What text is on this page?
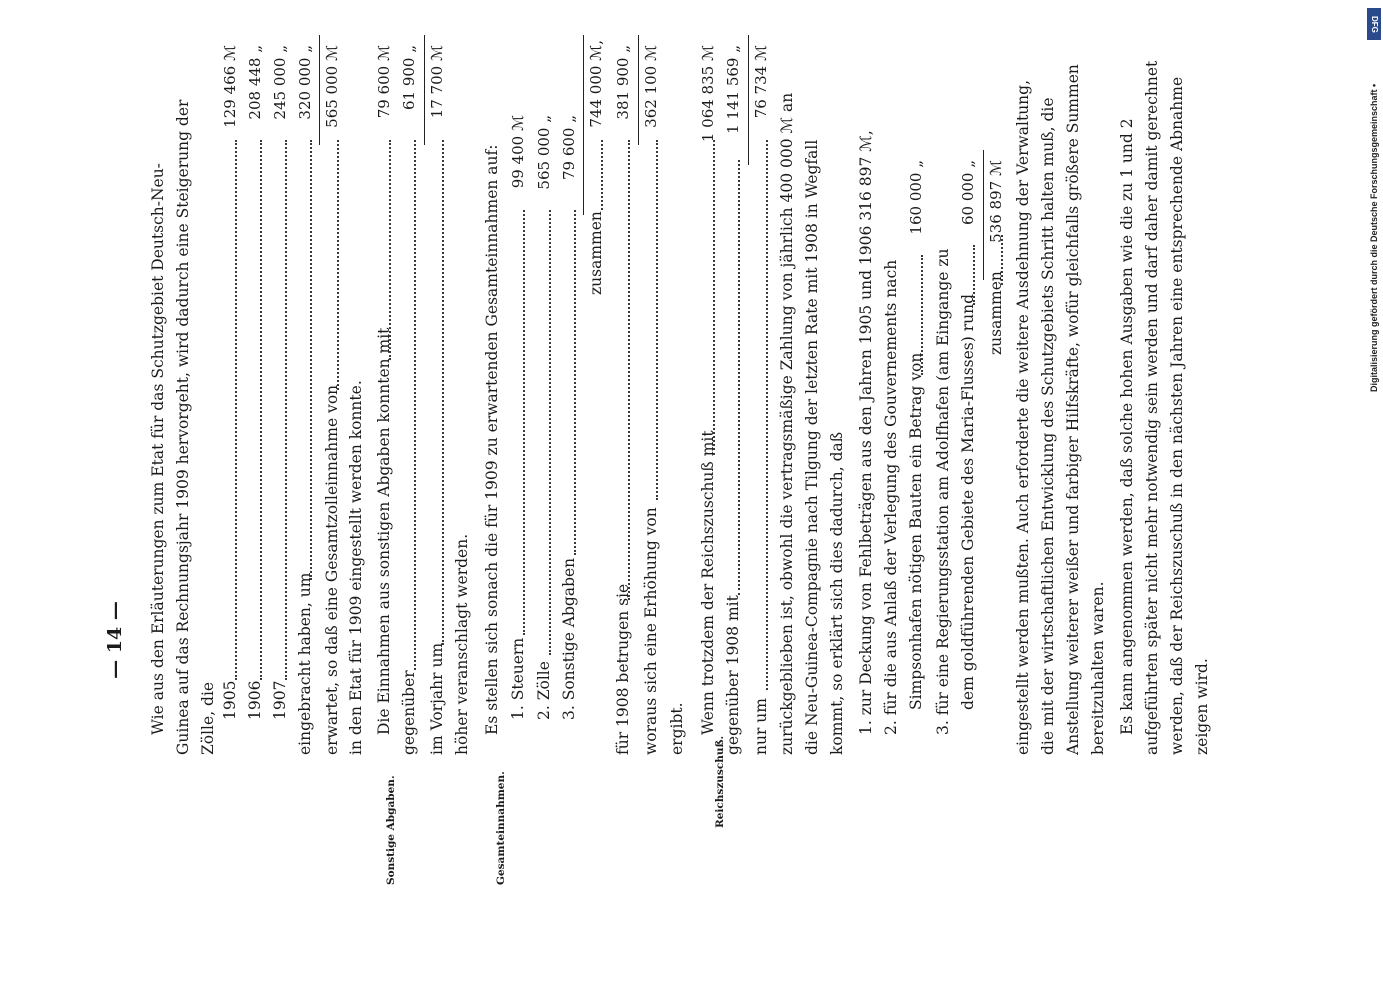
— 14 —
Sonstige Abgaben.	Gesamteinnahmen.	Reichszuschuß.
Wie aus den Erläuterungen zum Etat für das Schutzgebiet Deutsch-Neu- Guinea auf das Rechnungsjahr 1909 hervorgeht, wird dadurch eine Steigerung der Zölle, die 1905
129 466 ℳ
1906
208 448 „
1907
245 000 „
eingebracht haben, um
320 000 „
erwartet, so daß eine Gesamtzolleinnahme von
565 000 ℳ
in den Etat für 1909 eingestellt werden konnte. Die Einnahmen aus sonstigen Abgaben konnten mit
79 600 ℳ
gegenüber
61 900 „
im Vorjahr um
17 700 ℳ
höher veranschlagt werden. Es stellen sich sonach die für 1909 zu erwartenden Gesamteinnahmen auf: 1. Steuern
99 400 ℳ
2. Zölle
565 000 „
3. Sonstige Abgaben
79 600 „
zusammen
744 000 ℳ,
für 1908 betrugen sie
381 900 „
woraus sich eine Erhöhung von
362 100 ℳ
ergibt. Wenn trotzdem der Reichszuschuß mit
1 064 835 ℳ
gegenüber 1908 mit
1 141 569 „
nur um
76 734 ℳ
zurückgeblieben ist, obwohl die vertragsmäßige Zahlung von jährlich 400 000 ℳ an die Neu-Guinea-Compagnie nach Tilgung der letzten Rate mit 1908 in Wegfall kommt, so erklärt sich dies dadurch, daß 1. zur Deckung von Fehlbeträgen aus den Jahren 1905 und 1906 316 897 ℳ, 2. für die aus Anlaß der Verlegung des Gouvernements nach Simpsonhafen nötigen Bauten ein Betrag von
160 000 „
3. für eine Regierungsstation am Adolfhafen (am Eingange zu dem goldführenden Gebiete des Maria-Flusses) rund
60 000 „
zusammen
536 897 ℳ eingestellt werden mußten. Auch erforderte die weitere Ausdehnung der Verwaltung, die mit der wirtschaftlichen Entwicklung des Schutzgebiets Schritt halten muß, die Anstellung weiterer weißer und farbiger Hilfskräfte, wofür gleichfalls größere Summen bereitzuhalten waren. Es kann angenommen werden, daß solche hohen Ausgaben wie die zu 1 und 2 aufgeführten später nicht mehr notwendig sein werden und darf daher damit gerechnet werden, daß der Reichszuschuß in den nächsten Jahren eine entsprechende Abnahme zeigen wird.
DFG
Digitalisierung gefördert durch die Deutsche Forschungsgemeinschaft •
